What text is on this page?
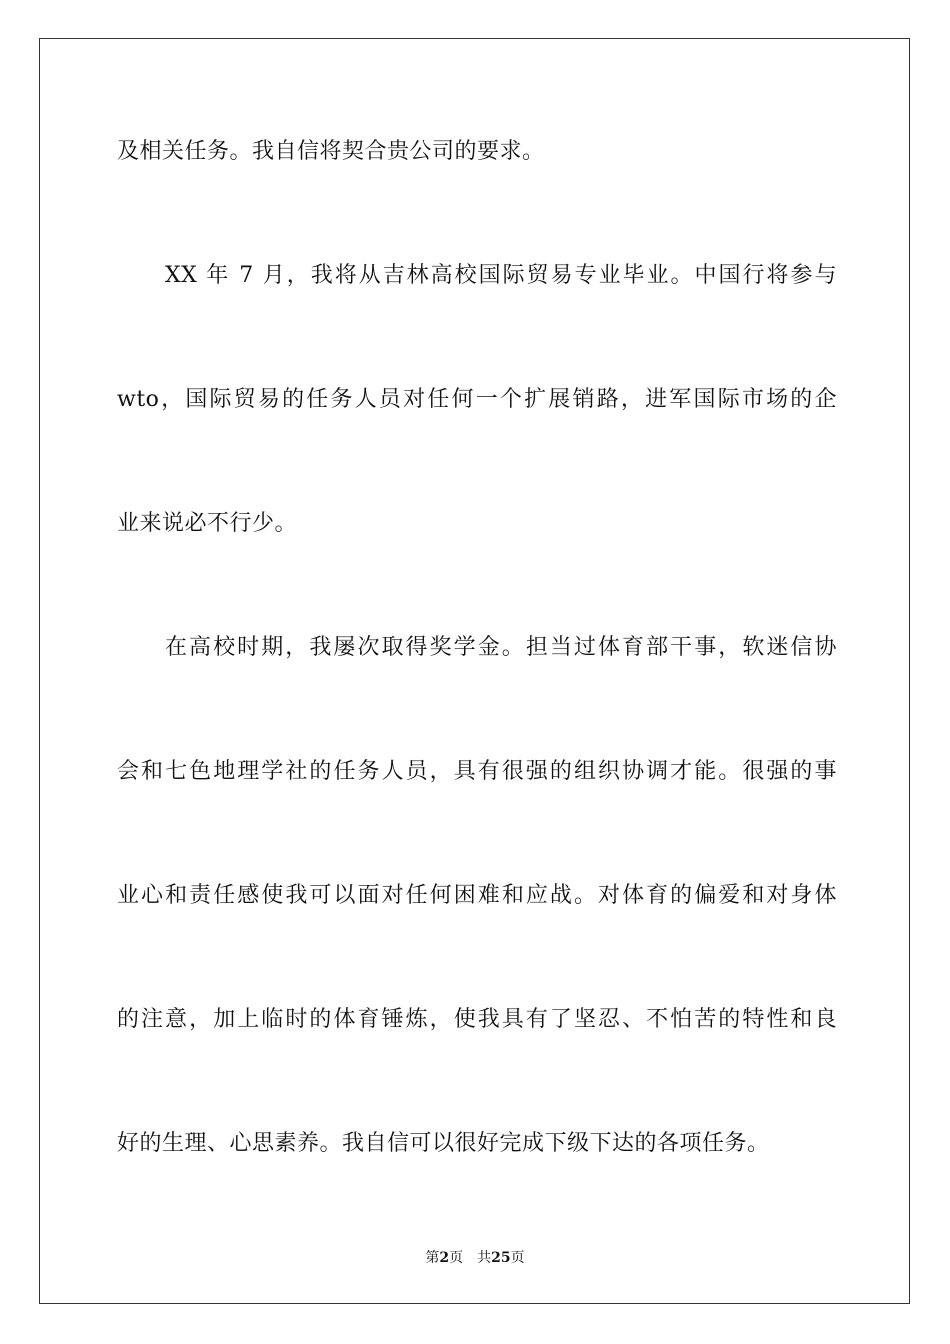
及相关任务。我自信将契合贵公司的要求。
XX 年 7 月，我将从吉林高校国际贸易专业毕业。中国行将参与
wto，国际贸易的任务人员对任何一个扩展销路，进军国际市场的企
业来说必不行少。
在高校时期，我屡次取得奖学金。担当过体育部干事，软迷信协
会和七色地理学社的任务人员，具有很强的组织协调才能。很强的事
业心和责任感使我可以面对任何困难和应战。对体育的偏爱和对身体
的注意，加上临时的体育锤炼，使我具有了坚忍、不怕苦的特性和良
好的生理、心思素养。我自信可以很好完成下级下达的各项任务。
第2页 共25页
